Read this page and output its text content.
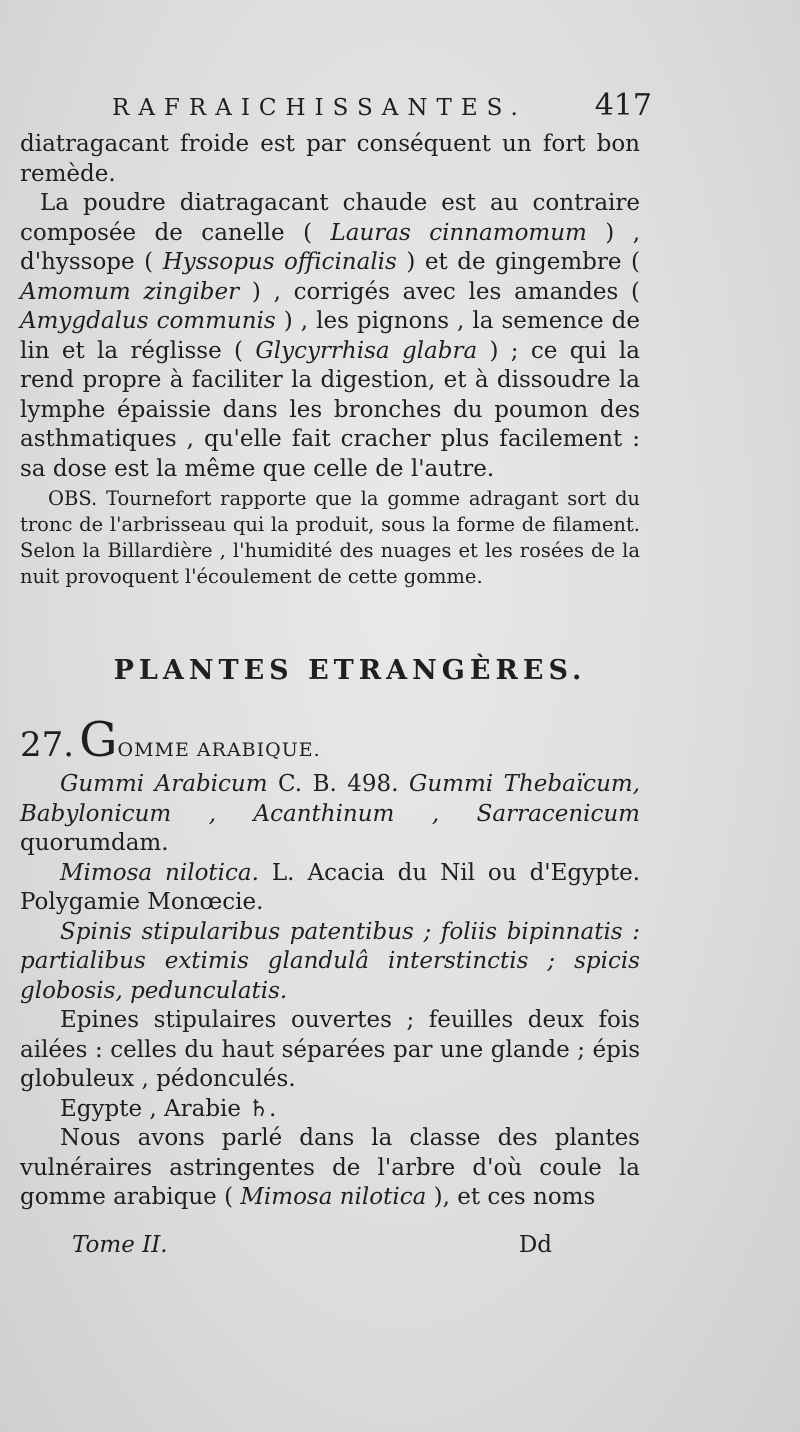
RAFRAICHISSANTES. 417

diatragacant froide est par conséquent un fort bon remède.

La poudre diatragacant chaude est au contraire composée de canelle ( Lauras cinnamomum ) , d'hyssope ( Hyssopus officinalis ) et de gingembre ( Amomum zingiber ) , corrigés avec les amandes ( Amygdalus communis ) , les pignons , la semence de lin et la réglisse ( Glycyrrhisa glabra ) ; ce qui la rend propre à faciliter la digestion, et à dissoudre la lymphe épaissie dans les bronches du poumon des asthmatiques , qu'elle fait cracher plus facilement : sa dose est la même que celle de l'autre.

OBS. Tournefort rapporte que la gomme adragant sort du tronc de l'arbrisseau qui la produit, sous la forme de filament. Selon la Billardière , l'humidité des nuages et les rosées de la nuit provoquent l'écoulement de cette gomme.

PLANTES ETRANGÈRES.
27. GOMME ARABIQUE.

Gummi Arabicum C. B. 498. Gummi Thebaïcum, Babylonicum , Acanthinum , Sarracenicum quorumdam.

Mimosa nilotica. L. Acacia du Nil ou d'Egypte. Polygamie Monœcie.

Spinis stipularibus patentibus ; foliis bipinnatis : partialibus extimis glandulâ interstinctis ; spicis globosis, pedunculatis.

Epines stipulaires ouvertes ; feuilles deux fois ailées : celles du haut séparées par une glande ; épis globuleux , pédonculés.

Egypte , Arabie ♄.

Nous avons parlé dans la classe des plantes vulnéraires astringentes de l'arbre d'où coule la gomme arabique ( Mimosa nilotica ), et ces noms

Tome II.	Dd
